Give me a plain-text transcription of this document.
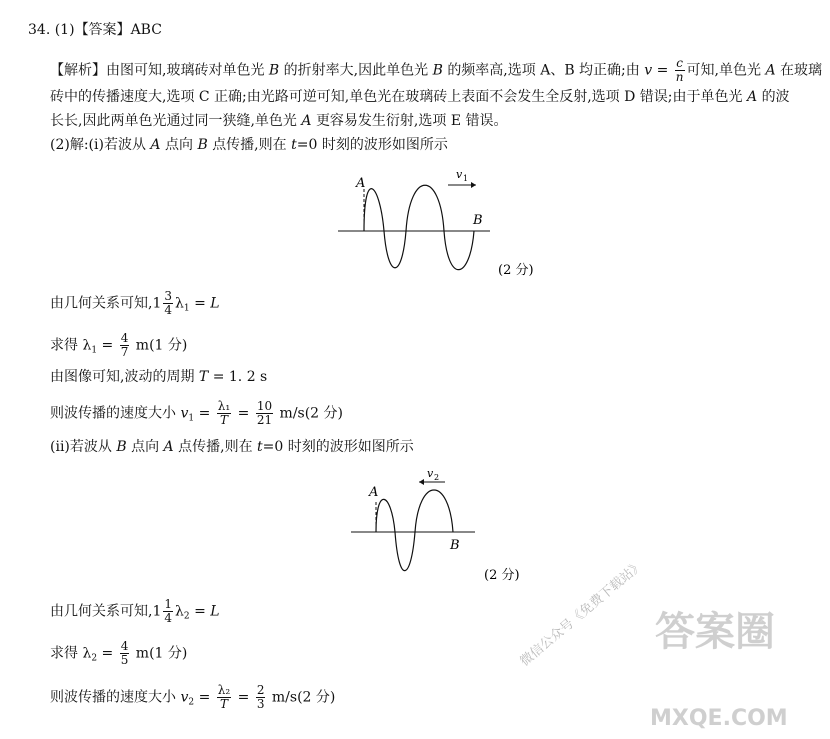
34. (1)【答案】ABC
【解析】由图可知,玻璃砖对单色光 B 的折射率大,因此单色光 B 的频率高,选项 A、B 均正确;由 $v = \frac{c}{n}$ 可知,单色光 A 在玻璃
砖中的传播速度大,选项 C 正确;由光路可逆可知,单色光在玻璃砖上表面不会发生全反射,选项 D 错误;由于单色光 A 的波
长长,因此两单色光通过同一狭缝,单色光 A 更容易发生衍射,选项 E 错误。
(2)解:(i)若波从 A 点向 B 点传播,则在 t=0 时刻的波形如图所示
A
B
v 1
(2 分)
由几何关系可知$,1 \frac{3}{4} \lambda_1 = L$
求得 $\lambda_1 = \frac{4}{7} m(1$ 分)
由图像可知,波动的周期 T = 1. 2 s
则波传播的速度大小 $v_1 = \frac{\text{λ₁}}{T} = \frac{10}{21} m/s(2$ 分)
(ii)若波从 B 点向 A 点传播,则在 t=0 时刻的波形如图所示
A
B
v 2
(2 分)
由几何关系可知$,1 \frac{1}{4} \lambda_2 = L$
求得 $\lambda_2 = \frac{4}{5} m(1$ 分)
则波传播的速度大小 $v_2 = \frac{\text{λ₂}}{T} = \frac{2}{3} m/s(2$ 分)
微信公众号《免费下载站》 答案圈
MXQE.COM
